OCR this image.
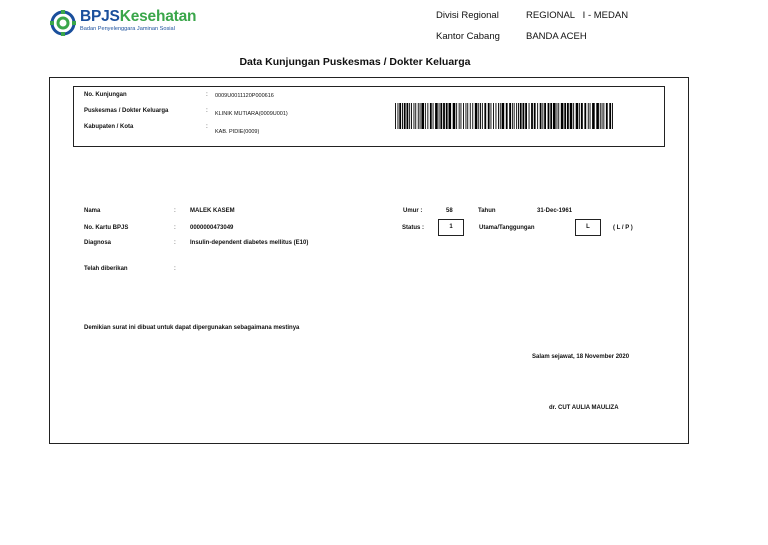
BPJSKesehatan
Badan Penyelenggara Jaminan Sosial
Divisi Regional	REGIONAL   I - MEDAN
Kantor Cabang	BANDA ACEH
Data Kunjungan Puskesmas / Dokter Keluarga
No. Kunjungan	: 0009U0011120P000616
Puskesmas / Dokter Keluarga	: KLINIK MUTIARA(0009U001)
Kabupaten / Kota	:
KAB. PIDIE(0009)
Nama	: MALEK KASEM
No. Kartu BPJS	: 0000000473049
Diagnosa	: Insulin-dependent diabetes mellitus (E10)
Telah diberikan	:
Umur :	58	Tahun	31-Dec-1961
Status :	1	Utama/Tanggungan	L	( L / P )
Demikian surat ini dibuat untuk dapat dipergunakan sebagaimana mestinya
Salam sejawat, 18 November 2020
dr. CUT AULIA MAULIZA
